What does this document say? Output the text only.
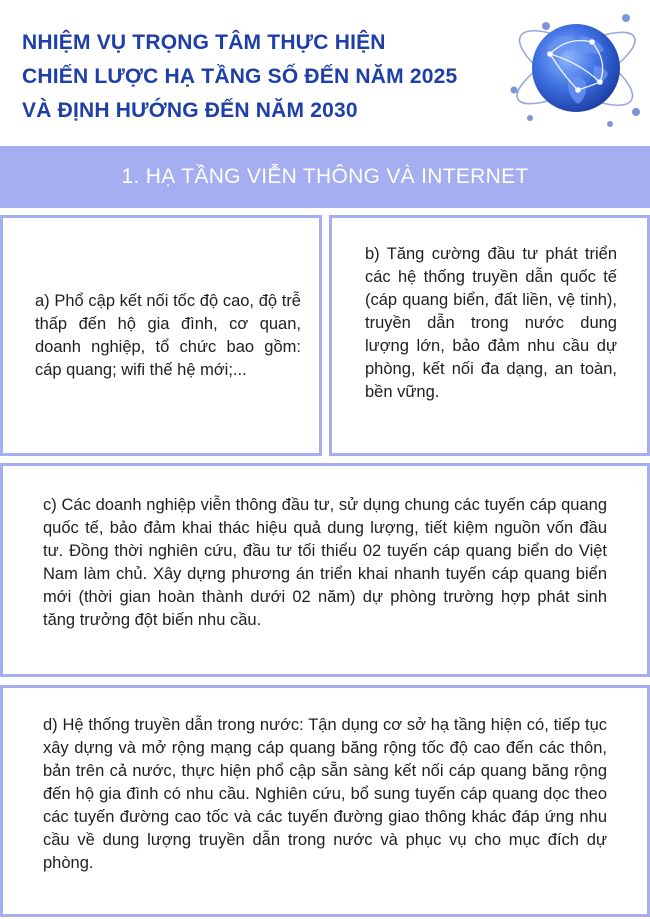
NHIỆM VỤ TRỌNG TÂM THỰC HIỆN
CHIẾN LƯỢC HẠ TẦNG SỐ ĐẾN NĂM 2025
VÀ ĐỊNH HƯỚNG ĐẾN NĂM 2030
1. HẠ TẦNG VIỄN THÔNG VÀ INTERNET

a) Phổ cập kết nối tốc độ cao, độ trễ thấp đến hộ gia đình, cơ quan, doanh nghiệp, tổ chức bao gồm: cáp quang; wifi thế hệ mới;...

b) Tăng cường đầu tư phát triển các hệ thống truyền dẫn quốc tế (cáp quang biển, đất liền, vệ tinh), truyền dẫn trong nước dung lượng lớn, bảo đảm nhu cầu dự phòng, kết nối đa dạng, an toàn, bền vững.

c) Các doanh nghiệp viễn thông đầu tư, sử dụng chung các tuyến cáp quang quốc tế, bảo đảm khai thác hiệu quả dung lượng, tiết kiệm nguồn vốn đầu tư. Đồng thời nghiên cứu, đầu tư tối thiểu 02 tuyến cáp quang biển do Việt Nam làm chủ. Xây dựng phương án triển khai nhanh tuyến cáp quang biển mới (thời gian hoàn thành dưới 02 năm) dự phòng trường hợp phát sinh tăng trưởng đột biến nhu cầu.

d) Hệ thống truyền dẫn trong nước: Tận dụng cơ sở hạ tầng hiện có, tiếp tục xây dựng và mở rộng mạng cáp quang băng rộng tốc độ cao đến các thôn, bản trên cả nước, thực hiện phổ cập sẵn sàng kết nối cáp quang băng rộng đến hộ gia đình có nhu cầu. Nghiên cứu, bổ sung tuyến cáp quang dọc theo các tuyến đường cao tốc và các tuyến đường giao thông khác đáp ứng nhu cầu về dung lượng truyền dẫn trong nước và phục vụ cho mục đích dự phòng.
